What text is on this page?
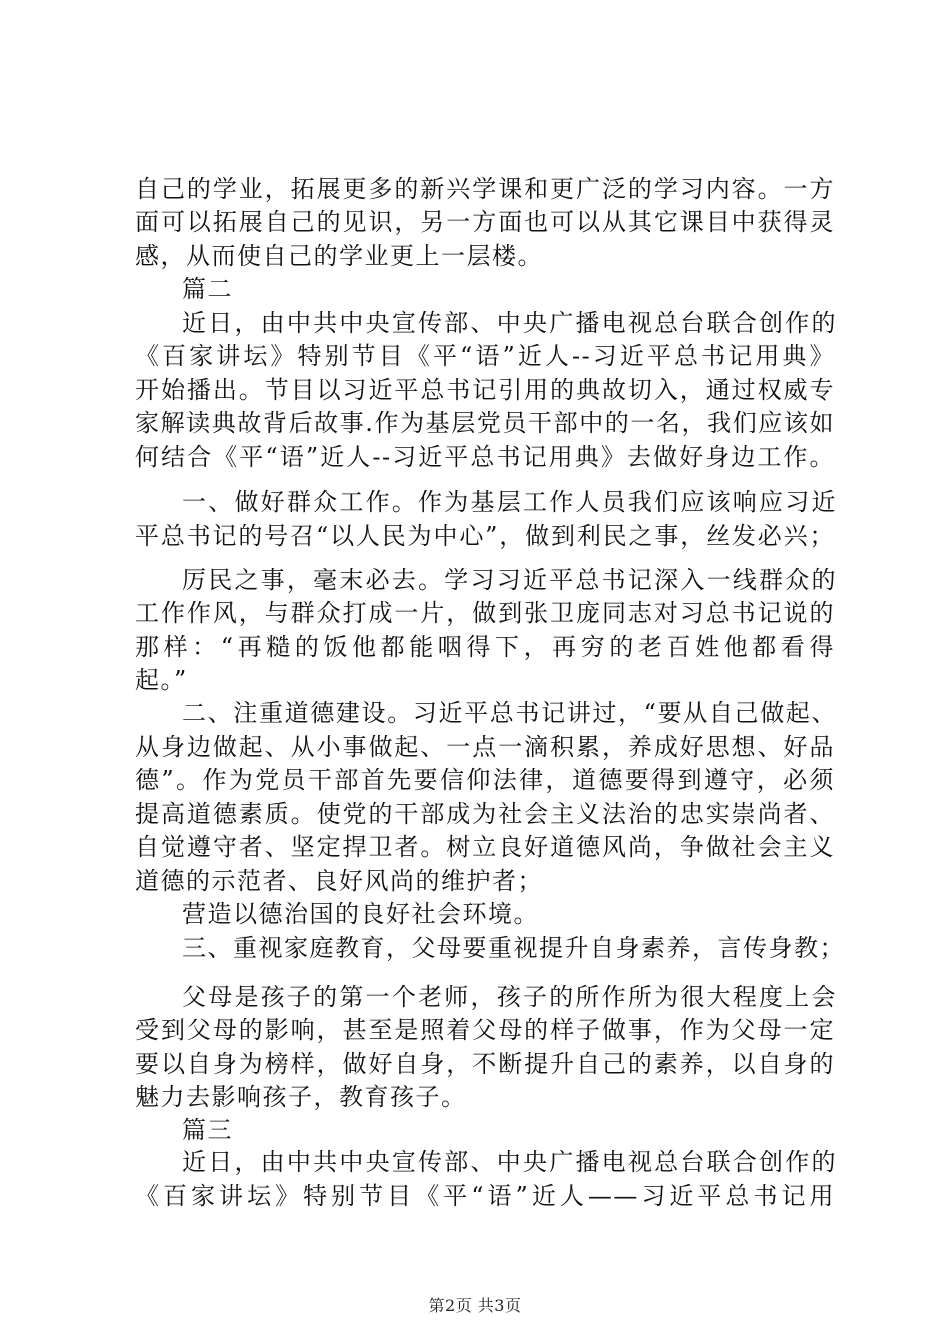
自己的学业，拓展更多的新兴学课和更广泛的学习内容。一方
面可以拓展自己的见识，另一方面也可以从其它课目中获得灵
感，从而使自己的学业更上一层楼。
篇二
近日，由中共中央宣传部、中央广播电视总台联合创作的
《百家讲坛》特别节目《平“语”近人--习近平总书记用典》
开始播出。节目以习近平总书记引用的典故切入，通过权威专
家解读典故背后故事.作为基层党员干部中的一名，我们应该如
何结合《平“语”近人--习近平总书记用典》去做好身边工作。
一、做好群众工作。作为基层工作人员我们应该响应习近
平总书记的号召“以人民为中心”，做到利民之事，丝发必兴；
厉民之事，毫末必去。学习习近平总书记深入一线群众的
工作作风，与群众打成一片，做到张卫庞同志对习总书记说的
那样：“再糙的饭他都能咽得下，再穷的老百姓他都看得
起。”
二、注重道德建设。习近平总书记讲过，“要从自己做起、
从身边做起、从小事做起、一点一滴积累，养成好思想、好品
德”。作为党员干部首先要信仰法律，道德要得到遵守，必须
提高道德素质。使党的干部成为社会主义法治的忠实崇尚者、
自觉遵守者、坚定捍卫者。树立良好道德风尚，争做社会主义
道德的示范者、良好风尚的维护者；
营造以德治国的良好社会环境。
三、重视家庭教育，父母要重视提升自身素养，言传身教；
父母是孩子的第一个老师，孩子的所作所为很大程度上会
受到父母的影响，甚至是照着父母的样子做事，作为父母一定
要以自身为榜样，做好自身，不断提升自己的素养，以自身的
魅力去影响孩子，教育孩子。
篇三
近日，由中共中央宣传部、中央广播电视总台联合创作的
第2页 共3页
《百家讲坛》特别节目《平“语”近人——习近平总书记用
